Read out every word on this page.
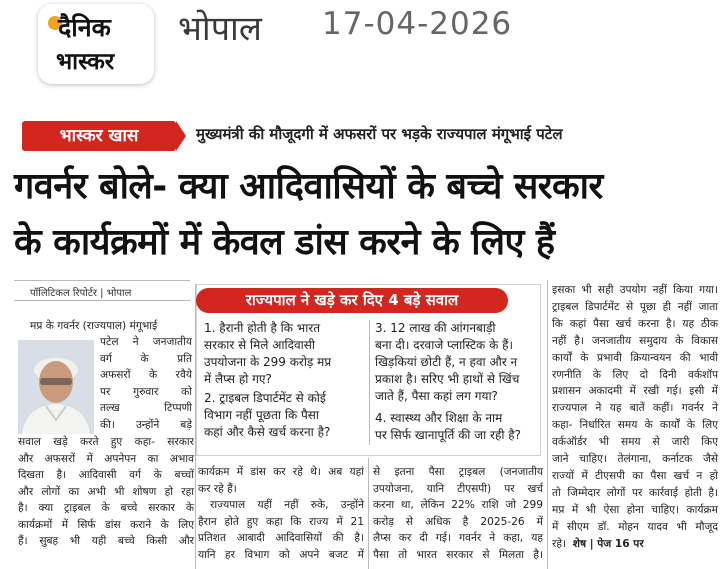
दैनिक
भास्कर
भोपाल 17-04-2026
भास्कर खास	मुख्यमंत्री की मौजूदगी में अफसरों पर भड़के राज्यपाल मंगूभाई पटेल
गवर्नर बोले- क्या आदिवासियों के बच्चे सरकार
के कार्यक्रमों में केवल डांस करने के लिए हैं
पॉलिटिकल रिपोर्टर | भोपाल

मप्र के गवर्नर (राज्यपाल) मंगूभाई

पटेल ने जनजातीय

वर्ग के प्रति

अफसरों के रवैये

पर गुरुवार को

तल्ख टिप्पणी

की। उन्होंने बड़े

सवाल खड़े करते हुए कहा- सरकार

और अफसरों में अपनेपन का अभाव

दिखता है। आदिवासी वर्ग के बच्चों

और लोगों का अभी भी शोषण हो रहा

है। क्या ट्राइबल के बच्चे सरकार के

कार्यक्रमों में सिर्फ डांस कराने के लिए

हैं। सुबह भी यही बच्चे किसी और

राज्यपाल ने खड़े कर दिए 4 बड़े सवाल

1. हैरानी होती है कि भारत

सरकार से मिले आदिवासी

उपयोजना के 299 करोड़ मप्र

में लैप्स हो गए?

2. ट्राइबल डिपार्टमेंट से कोई

विभाग नहीं पूछता कि पैसा

कहां और कैसे खर्च करना है?

3. 12 लाख की आंगनबाड़ी

बना दी। दरवाजे प्लास्टिक के हैं।

खिड़कियां छोटी हैं, न हवा और न

प्रकाश है। सरिए भी हाथों से खिंच

जाते हैं, पैसा कहां लग गया?

4. स्वास्थ्य और शिक्षा के नाम

पर सिर्फ खानापूर्ति की जा रही है?

कार्यक्रम में डांस कर रहे थे। अब यहां

कर रहे हैं।

राज्यपाल यहीं नहीं रुके, उन्होंने

हैरान होते हुए कहा कि राज्य में 21

प्रतिशत आबादी आदिवासियों की है।

यानि हर विभाग को अपने बजट में

से इतना पैसा ट्राइबल (जनजातीय

उपयोजना, यानि टीएसपी) पर खर्च

करना था, लेकिन 22% राशि जो 299

करोड़ से अधिक है 2025-26 में

लैप्स कर दी गई। गवर्नर ने कहा, यह

पैसा तो भारत सरकार से मिलता है।

इसका भी सही उपयोग नहीं किया गया।

ट्राइबल डिपार्टमेंट से पूछा ही नहीं जाता

कि कहां पैसा खर्च करना है। यह ठीक

नहीं है। जनजातीय समुदाय के विकास

कार्यों के प्रभावी क्रियान्वयन की भावी

रणनीति के लिए दो दिनी वर्कशॉप

प्रशासन अकादमी में रखी गई। इसी में

राज्यपाल ने यह बातें कहीं। गवर्नर ने

कहा- निर्धारित समय के कार्यों के लिए

वर्कऑर्डर भी समय से जारी किए

जाने चाहिए। तेलंगाना, कर्नाटक जैसे

राज्यों में टीएसपी का पैसा खर्च न हो

तो जिम्मेदार लोगों पर कार्रवाई होती है।

मप्र में भी ऐसा होना चाहिए। कार्यक्रम

में सीएम डॉ. मोहन यादव भी मौजूद

रहे। शेष | पेज 16 पर
